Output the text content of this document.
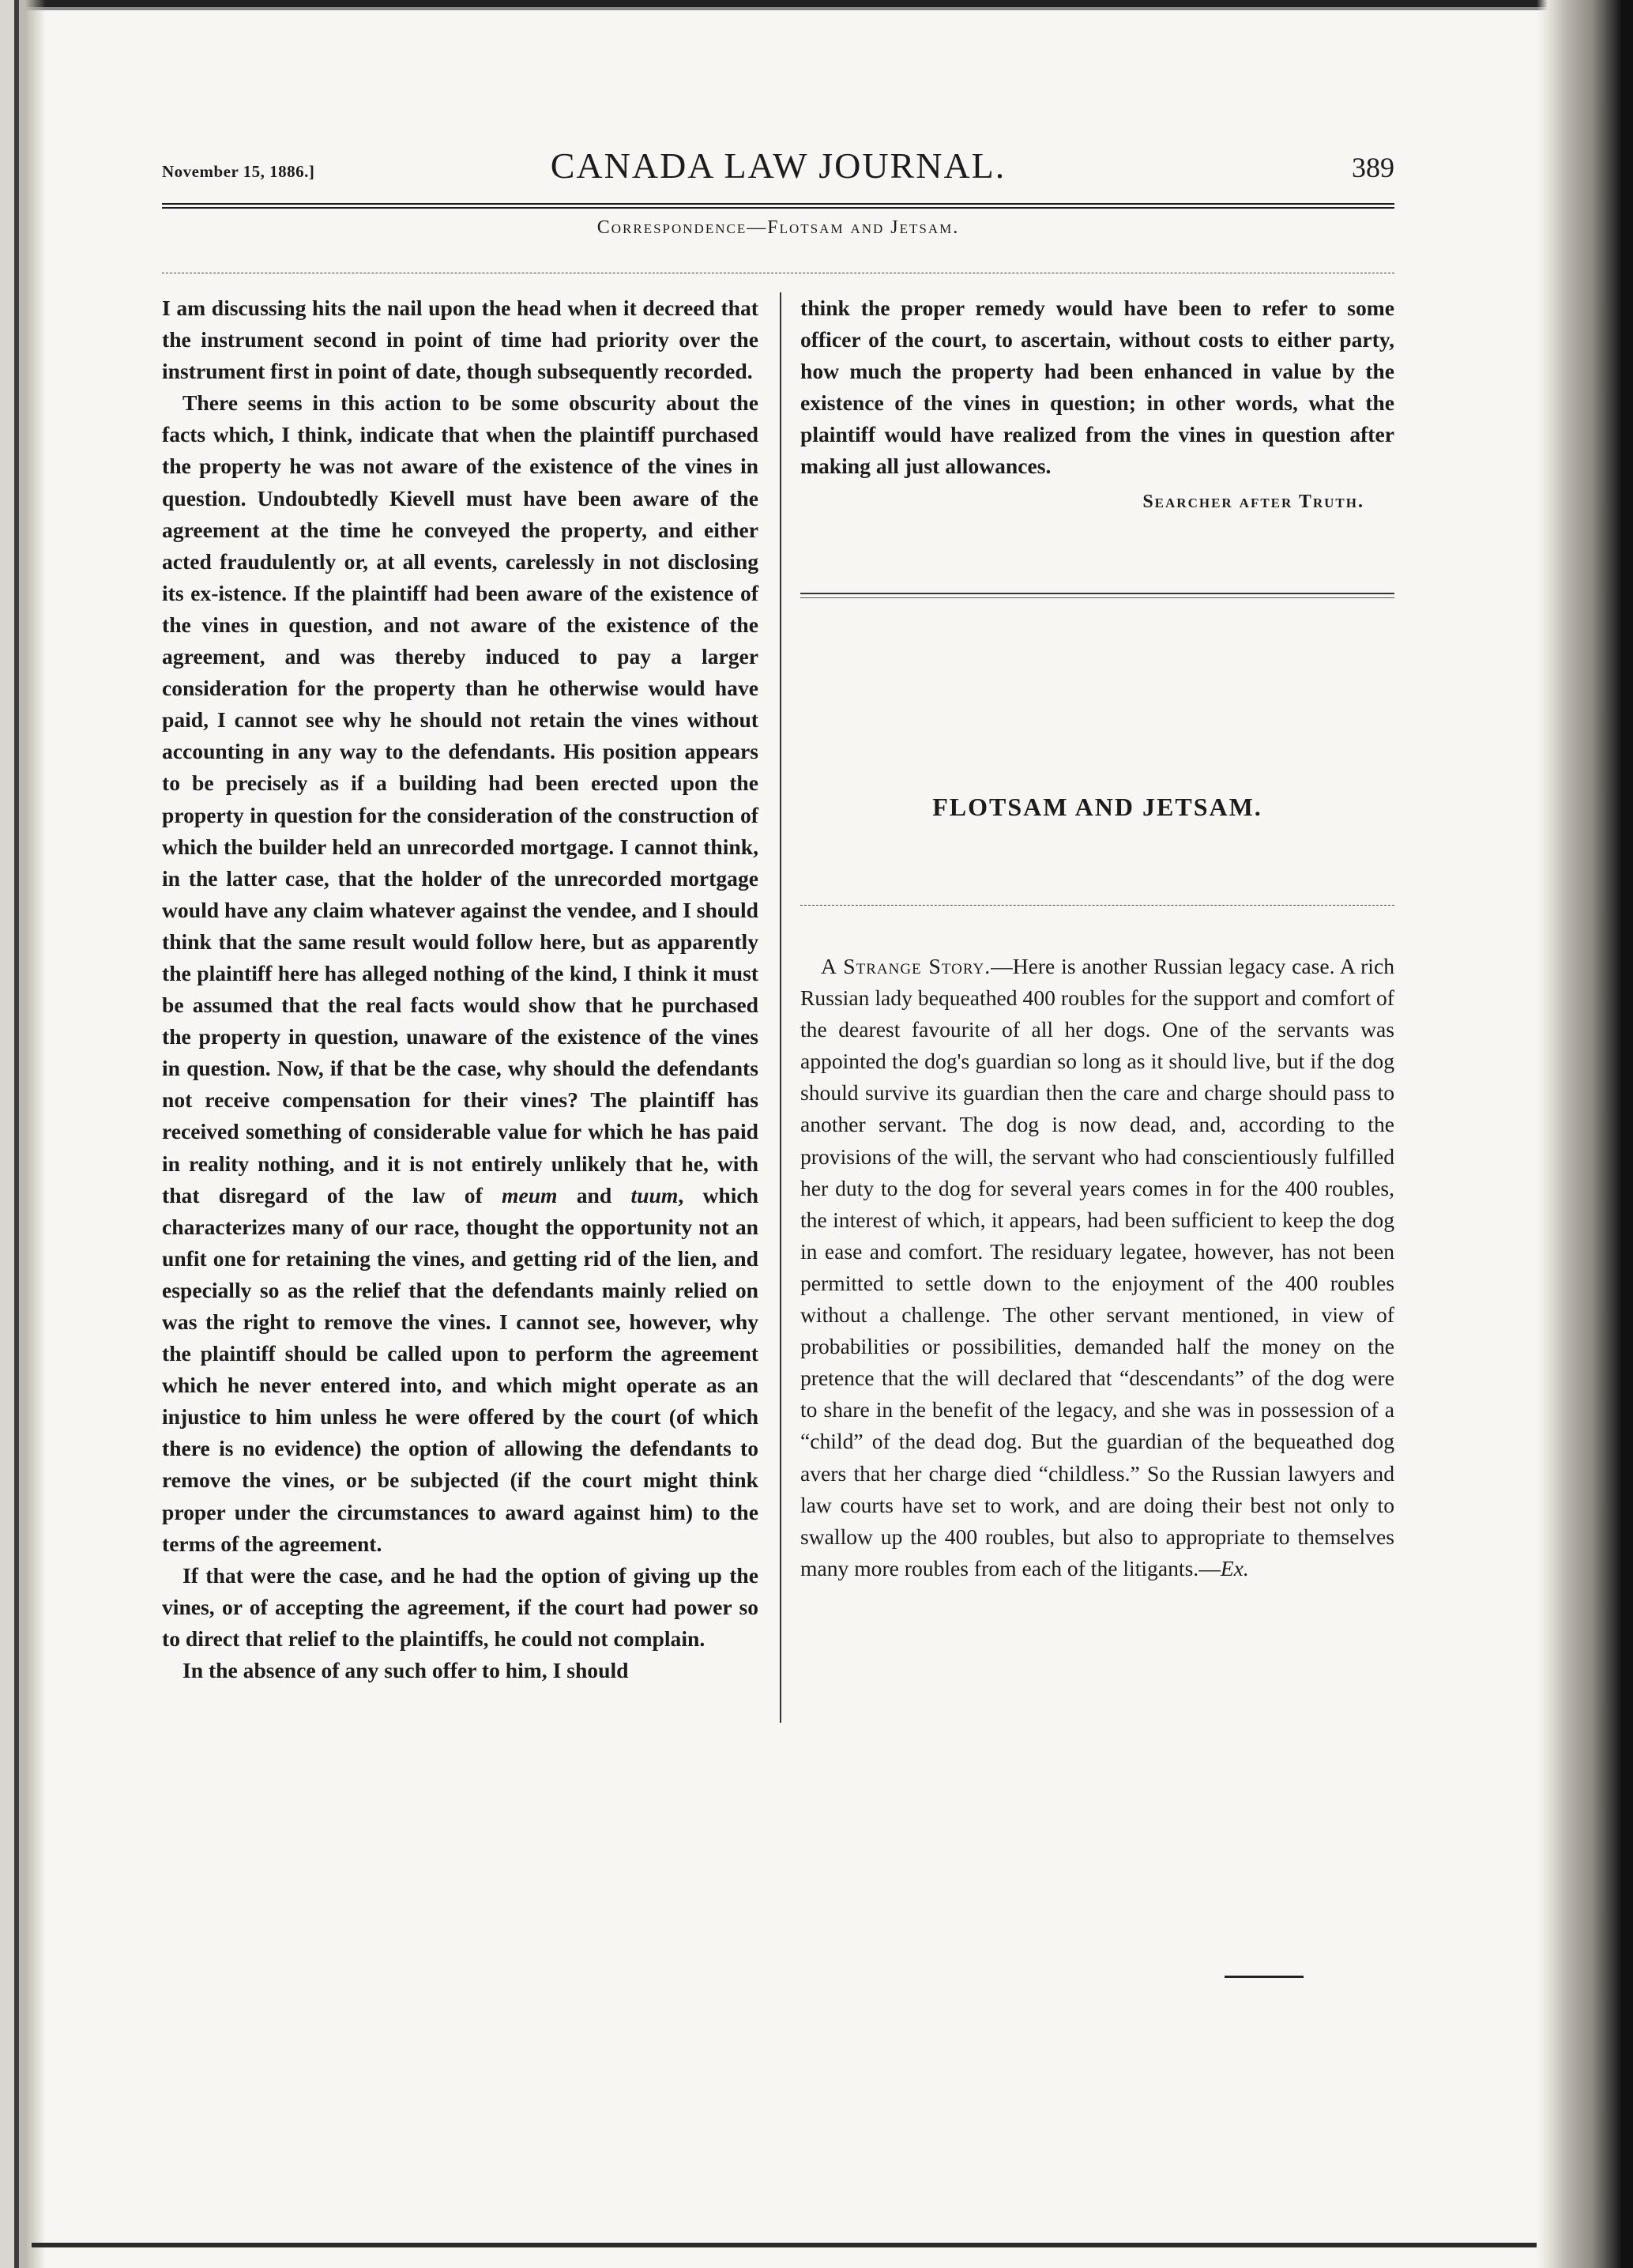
November 15, 1886.]	CANADA LAW JOURNAL.	389
Correspondence—Flotsam and Jetsam.

I am discussing hits the nail upon the head when it decreed that the instrument second in point of time had priority over the instrument first in point of date, though subsequently recorded.

There seems in this action to be some obscurity about the facts which, I think, indicate that when the plaintiff purchased the property he was not aware of the existence of the vines in question. Undoubtedly Kievell must have been aware of the agreement at the time he conveyed the property, and either acted fraudulently or, at all events, carelessly in not disclosing its ex-istence. If the plaintiff had been aware of the existence of the vines in question, and not aware of the existence of the agreement, and was thereby induced to pay a larger consideration for the property than he otherwise would have paid, I cannot see why he should not retain the vines without accounting in any way to the defendants. His position appears to be precisely as if a building had been erected upon the property in question for the consideration of the construction of which the builder held an unrecorded mortgage. I cannot think, in the latter case, that the holder of the unrecorded mortgage would have any claim whatever against the vendee, and I should think that the same result would follow here, but as apparently the plaintiff here has alleged nothing of the kind, I think it must be assumed that the real facts would show that he purchased the property in question, unaware of the existence of the vines in question. Now, if that be the case, why should the defendants not receive compensation for their vines? The plaintiff has received something of considerable value for which he has paid in reality nothing, and it is not entirely unlikely that he, with that disregard of the law of meum and tuum, which characterizes many of our race, thought the opportunity not an unfit one for retaining the vines, and getting rid of the lien, and especially so as the relief that the defendants mainly relied on was the right to remove the vines. I cannot see, however, why the plaintiff should be called upon to perform the agreement which he never entered into, and which might operate as an injustice to him unless he were offered by the court (of which there is no evidence) the option of allowing the defendants to remove the vines, or be subjected (if the court might think proper under the circumstances to award against him) to the terms of the agreement.

If that were the case, and he had the option of giving up the vines, or of accepting the agreement, if the court had power so to direct that relief to the plaintiffs, he could not complain.

In the absence of any such offer to him, I should

think the proper remedy would have been to refer to some officer of the court, to ascertain, without costs to either party, how much the property had been enhanced in value by the existence of the vines in question; in other words, what the plaintiff would have realized from the vines in question after making all just allowances.

Searcher after Truth.
FLOTSAM AND JETSAM.

A Strange Story.—Here is another Russian legacy case. A rich Russian lady bequeathed 400 roubles for the support and comfort of the dearest favourite of all her dogs. One of the servants was appointed the dog's guardian so long as it should live, but if the dog should survive its guardian then the care and charge should pass to another servant. The dog is now dead, and, according to the provisions of the will, the servant who had conscientiously fulfilled her duty to the dog for several years comes in for the 400 roubles, the interest of which, it appears, had been sufficient to keep the dog in ease and comfort. The residuary legatee, however, has not been permitted to settle down to the enjoyment of the 400 roubles without a challenge. The other servant mentioned, in view of probabilities or possibilities, demanded half the money on the pretence that the will declared that “descendants” of the dog were to share in the benefit of the legacy, and she was in possession of a “child” of the dead dog. But the guardian of the bequeathed dog avers that her charge died “childless.” So the Russian lawyers and law courts have set to work, and are doing their best not only to swallow up the 400 roubles, but also to appropriate to themselves many more roubles from each of the litigants.—Ex.
